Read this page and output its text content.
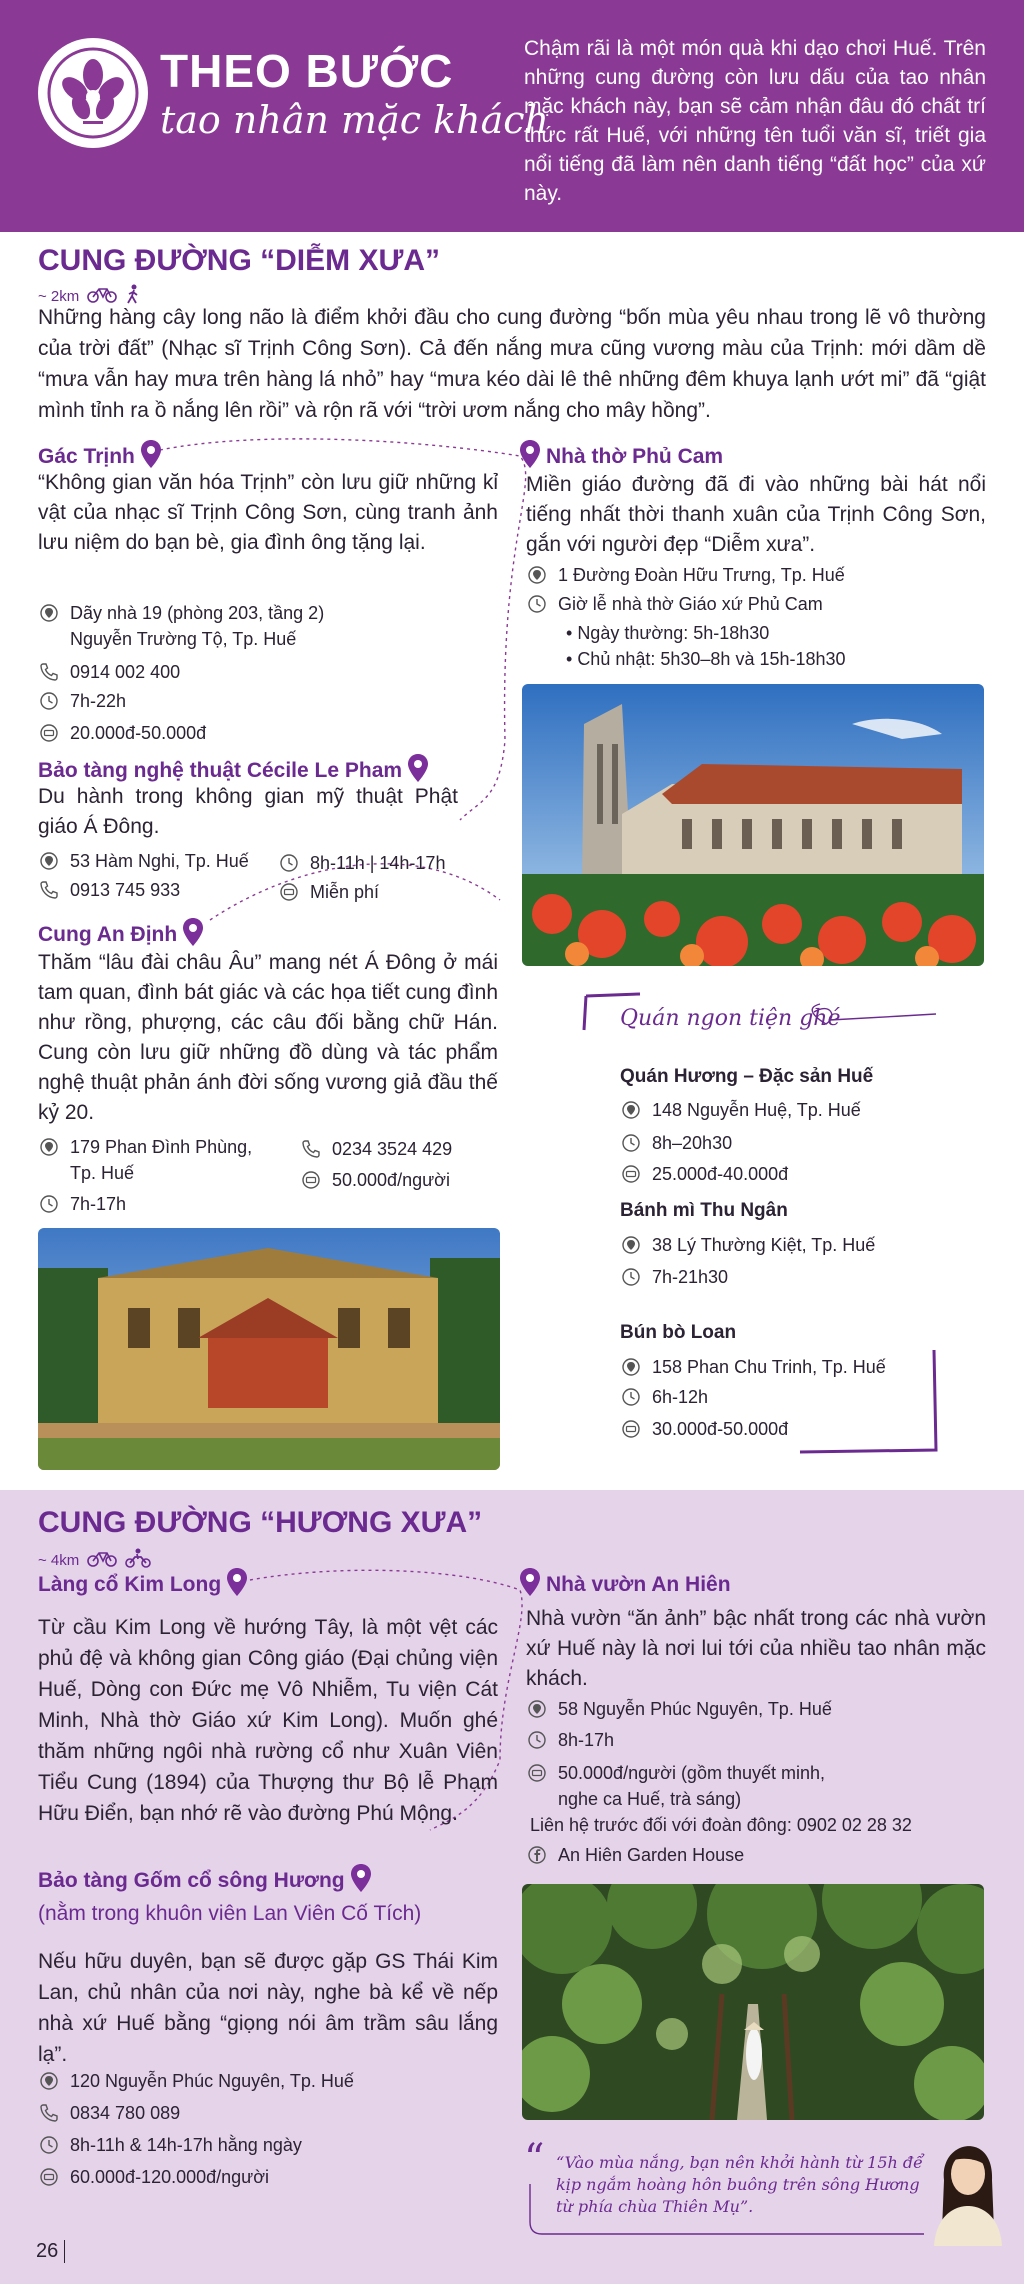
THEO BƯỚC
tao nhân mặc khách
Chậm rãi là một món quà khi dạo chơi Huế. Trên những cung đường còn lưu dấu của tao nhân mặc khách này, bạn sẽ cảm nhận đâu đó chất trí thức rất Huế, với những tên tuổi văn sĩ, triết gia nổi tiếng đã làm nên danh tiếng “đất học” của xứ này.
CUNG ĐƯỜNG “DIỄM XƯA”
~ 2km
Những hàng cây long não là điểm khởi đầu cho cung đường “bốn mùa yêu nhau trong lẽ vô thường của trời đất” (Nhạc sĩ Trịnh Công Sơn). Cả đến nắng mưa cũng vương màu của Trịnh: mới dầm dề “mưa vẫn hay mưa trên hàng lá nhỏ” hay “mưa kéo dài lê thê những đêm khuya lạnh ướt mi” đã “giật mình tỉnh ra ồ nắng lên rồi” và rộn rã với “trời ươm nắng cho mây hồng”.
Gác Trịnh
“Không gian văn hóa Trịnh” còn lưu giữ những kỉ vật của nhạc sĩ Trịnh Công Sơn, cùng tranh ảnh lưu niệm do bạn bè, gia đình ông tặng lại.
Dãy nhà 19 (phòng 203, tầng 2)
Nguyễn Trường Tộ, Tp. Huế
0914 002 400
7h-22h
20.000đ-50.000đ
Bảo tàng nghệ thuật Cécile Le Pham
Du hành trong không gian mỹ thuật Phật giáo Á Đông.
53 Hàm Nghi, Tp. Huế	8h-11h | 14h-17h
0913 745 933	Miễn phí
Cung An Định
Thăm “lâu đài châu Âu” mang nét Á Đông ở mái tam quan, đình bát giác và các họa tiết cung đình như rồng, phượng, các câu đối bằng chữ Hán. Cung còn lưu giữ những đồ dùng và tác phẩm nghệ thuật phản ánh đời sống vương giả đầu thế kỷ 20.
179 Phan Đình Phùng,
Tp. Huế
0234 3524 429
50.000đ/người
7h-17h
Nhà thờ Phủ Cam
Miền giáo đường đã đi vào những bài hát nổi tiếng nhất thời thanh xuân của Trịnh Công Sơn, gắn với người đẹp “Diễm xưa”.
1 Đường Đoàn Hữu Trưng, Tp. Huế
Giờ lễ nhà thờ Giáo xứ Phủ Cam
• Ngày thường: 5h-18h30
• Chủ nhật: 5h30–8h và 15h-18h30
Quán ngon tiện ghé
Quán Hương – Đặc sản Huế
148 Nguyễn Huệ, Tp. Huế
8h–20h30
25.000đ-40.000đ
Bánh mì Thu Ngân
38 Lý Thường Kiệt, Tp. Huế
7h-21h30
Bún bò Loan
158 Phan Chu Trinh, Tp. Huế
6h-12h
30.000đ-50.000đ
CUNG ĐƯỜNG “HƯƠNG XƯA”
~ 4km
Làng cổ Kim Long
Từ cầu Kim Long về hướng Tây, là một vệt các phủ đệ và không gian Công giáo (Đại chủng viện Huế, Dòng con Đức mẹ Vô Nhiễm, Tu viện Cát Minh, Nhà thờ Giáo xứ Kim Long). Muốn ghé thăm những ngôi nhà rường cổ như Xuân Viên Tiểu Cung (1894) của Thượng thư Bộ lễ Phạm Hữu Điển, bạn nhớ rẽ vào đường Phú Mộng.
Bảo tàng Gốm cổ sông Hương
(nằm trong khuôn viên Lan Viên Cố Tích)
Nếu hữu duyên, bạn sẽ được gặp GS Thái Kim Lan, chủ nhân của nơi này, nghe bà kể về nếp nhà xứ Huế bằng “giọng nói âm trầm sâu lắng lạ”.
120 Nguyễn Phúc Nguyên, Tp. Huế
0834 780 089
8h-11h & 14h-17h hằng ngày
60.000đ-120.000đ/người
Nhà vườn An Hiên
Nhà vườn “ăn ảnh” bậc nhất trong các nhà vườn xứ Huế này là nơi lui tới của nhiều tao nhân mặc khách.
58 Nguyễn Phúc Nguyên, Tp. Huế
8h-17h
50.000đ/người (gồm thuyết minh,
nghe ca Huế, trà sáng)
Liên hệ trước đối với đoàn đông: 0902 02 28 32
An Hiên Garden House
“ “Vào mùa nắng, bạn nên khởi hành từ 15h để kịp ngắm hoàng hôn buông trên sông Hương từ phía chùa Thiên Mụ”.
26
